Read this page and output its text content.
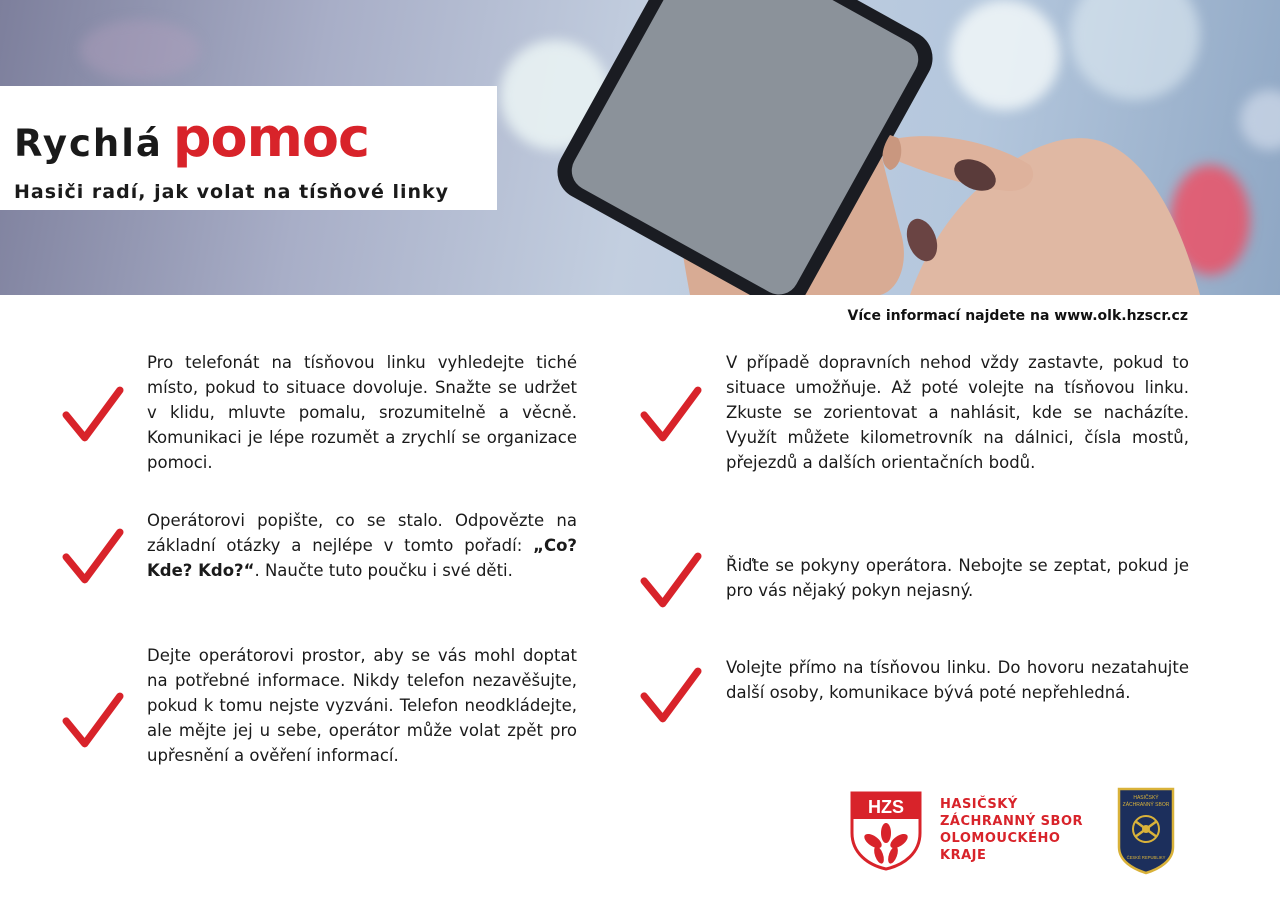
Rychlá pomoc
Hasiči radí, jak volat na tísňové linky
Více informací najdete na www.olk.hzscr.cz
Pro telefonát na tísňovou linku vyhledejte tiché místo, pokud to situace dovoluje. Snažte se udržet v klidu, mluvte pomalu, srozumitelně a věcně. Komunikaci je lépe rozumět a zrychlí se organizace pomoci.
Operátorovi popište, co se stalo. Odpovězte na základní otázky a nejlépe v tomto pořadí: „Co? Kde? Kdo?“. Naučte tuto poučku i své děti.
Dejte operátorovi prostor, aby se vás mohl doptat na potřebné informace. Nikdy telefon nezavěšujte, pokud k tomu nejste vyzváni. Telefon neodkládejte, ale mějte jej u sebe, operátor může volat zpět pro upřesnění a ověření informací.
V případě dopravních nehod vždy zastavte, pokud to situace umožňuje. Až poté volejte na tísňovou linku. Zkuste se zorientovat a nahlásit, kde se nacházíte. Využít můžete kilometrovník na dálnici, čísla mostů, přejezdů a dalších orientačních bodů.
Řiďte se pokyny operátora. Nebojte se zeptat, pokud je pro vás nějaký pokyn nejasný.
Volejte přímo na tísňovou linku. Do hovoru nezatahujte další osoby, komunikace bývá poté nepřehledná.
HZS	HASIČSKÝ
ZÁCHRANNÝ SBOR
OLOMOUCKÉHO
KRAJE
HASIČSKÝ
ZÁCHRANNÝ SBOR
ČESKÉ REPUBLIKY
